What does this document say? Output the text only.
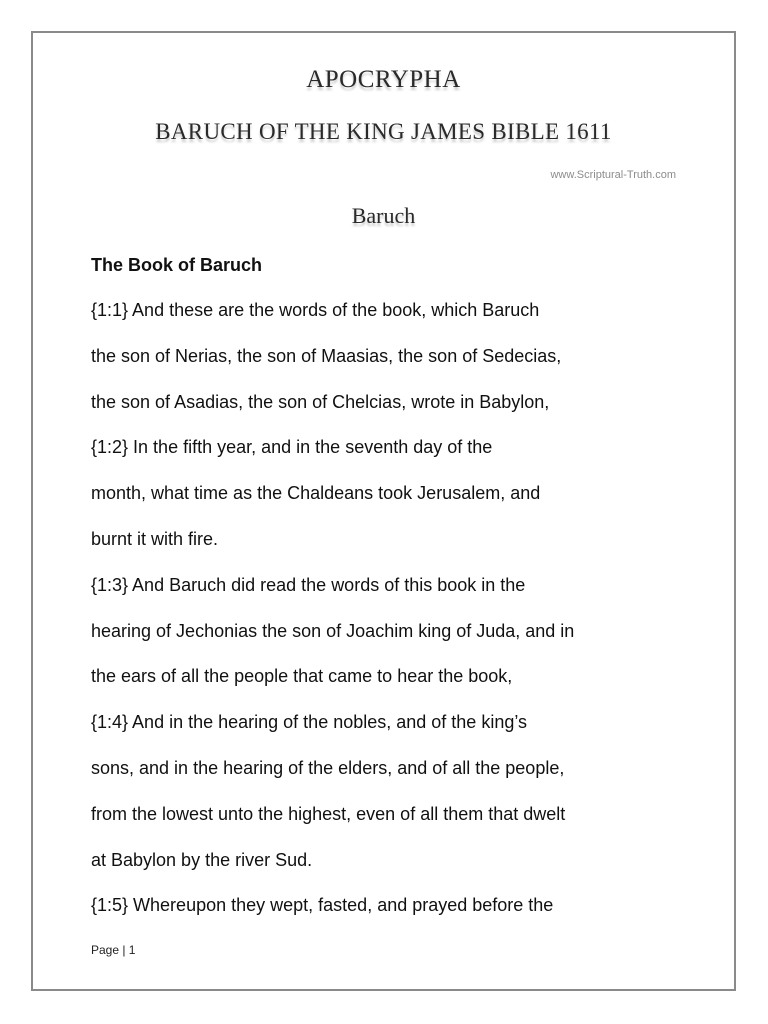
APOCRYPHA
BARUCH OF THE KING JAMES BIBLE 1611
www.Scriptural-Truth.com
Baruch
The Book of Baruch
{1:1} And these are the words of the book, which Baruch
the son of Nerias, the son of Maasias, the son of Sedecias,
the son of Asadias, the son of Chelcias, wrote in Babylon,
{1:2} In the fifth year, and in the seventh day of the
month, what time as the Chaldeans took Jerusalem, and
burnt it with fire.
{1:3} And Baruch did read the words of this book in the
hearing of Jechonias the son of Joachim king of Juda, and in
the ears of all the people that came to hear the book,
{1:4} And in the hearing of the nobles, and of the king’s
sons, and in the hearing of the elders, and of all the people,
from the lowest unto the highest, even of all them that dwelt
at Babylon by the river Sud.
{1:5} Whereupon they wept, fasted, and prayed before the
Page | 1
